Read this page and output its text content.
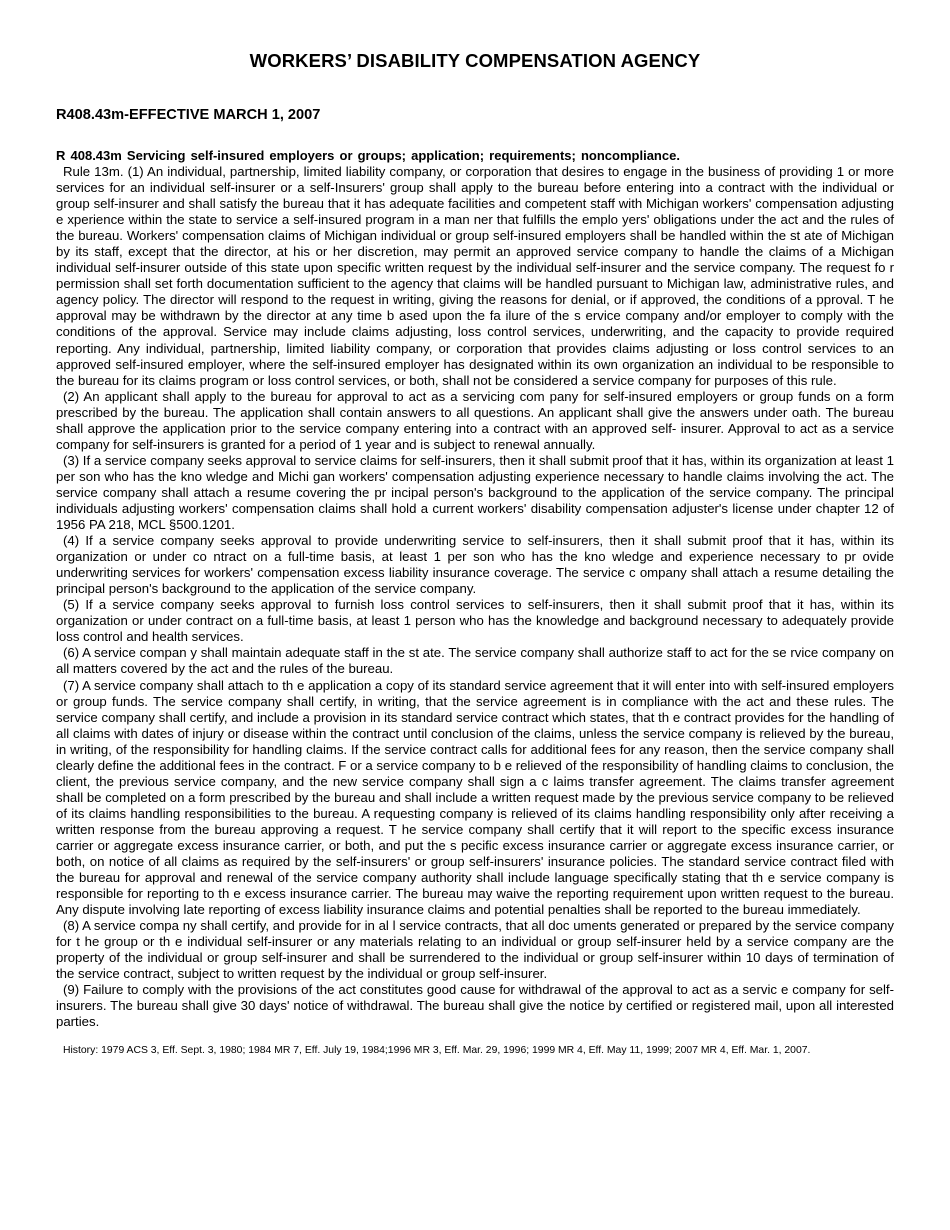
WORKERS’ DISABILITY COMPENSATION AGENCY
R408.43m-EFFECTIVE MARCH 1, 2007
R 408.43m Servicing self-insured employers or groups; application; requirements; noncompliance.

Rule 13m. (1) An individual, partnership, limited liability company, or corporation that desires to engage in the business of providing 1 or more services for an individual self-insurer or a self-Insurers' group shall apply to the bureau before entering into a contract with the individual or group self-insurer and shall satisfy the bureau that it has adequate facilities and competent staff with Michigan workers' compensation adjusting e xperience within the state to service a self-insured program in a man ner that fulfills the emplo yers' obligations under the act and the rules of the bureau. Workers' compensation claims of Michigan individual or group self-insured employers shall be handled within the st ate of Michigan by its staff, except that the director, at his or her discretion, may permit an approved service company to handle the claims of a Michigan individual self-insurer outside of this state upon specific written request by the individual self-insurer and the service company. The request fo r permission shall set forth documentation sufficient to the agency that claims will be handled pursuant to Michigan law, administrative rules, and agency policy. The director will respond to the request in writing, giving the reasons for denial, or if approved, the conditions of a pproval. T he approval may be withdrawn by the director at any time b ased upon the fa ilure of the s ervice company and/or employer to comply with the conditions of the approval. Service may include claims adjusting, loss control services, underwriting, and the capacity to provide required reporting. Any individual, partnership, limited liability company, or corporation that provides claims adjusting or loss control services to an approved self-insured employer, where the self-insured employer has designated within its own organization an individual to be responsible to the bureau for its claims program or loss control services, or both, shall not be considered a service company for purposes of this rule.

(2) An applicant shall apply to the bureau for approval to act as a servicing com pany for self-insured employers or group funds on a form prescribed by the bureau. The application shall contain answers to all questions. An applicant shall give the answers under oath. The bureau shall approve the application prior to the service company entering into a contract with an approved self- insurer. Approval to act as a service company for self-insurers is granted for a period of 1 year and is subject to renewal annually.

(3) If a service company seeks approval to service claims for self-insurers, then it shall submit proof that it has, within its organization at least 1 per son who has the kno wledge and Michi gan workers' compensation adjusting experience necessary to handle claims involving the act. The service company shall attach a resume covering the pr incipal person's background to the application of the service company. The principal individuals adjusting workers' compensation claims shall hold a current workers' disability compensation adjuster's license under chapter 12 of 1956 PA 218, MCL §500.1201.

(4) If a service company seeks approval to provide underwriting service to self-insurers, then it shall submit proof that it has, within its organization or under co ntract on a full-time basis, at least 1 per son who has the kno wledge and experience necessary to pr ovide underwriting services for workers' compensation excess liability insurance coverage. The service c ompany shall attach a resume detailing the principal person's background to the application of the service company.

(5) If a service company seeks approval to furnish loss control services to self-insurers, then it shall submit proof that it has, within its organization or under contract on a full-time basis, at least 1 person who has the knowledge and background necessary to adequately provide loss control and health services.

(6) A service compan y shall maintain adequate staff in the st ate. The service company shall authorize staff to act for the se rvice company on all matters covered by the act and the rules of the bureau.

(7) A service company shall attach to th e application a copy of its standard service agreement that it will enter into with self-insured employers or group funds. The service company shall certify, in writing, that the service agreement is in compliance with the act and these rules. The service company shall certify, and include a provision in its standard service contract which states, that th e contract provides for the handling of all claims with dates of injury or disease within the contract until conclusion of the claims, unless the service company is relieved by the bureau, in writing, of the responsibility for handling claims. If the service contract calls for additional fees for any reason, then the service company shall clearly define the additional fees in the contract. F or a service company to b e relieved of the responsibility of handling claims to conclusion, the client, the previous service company, and the new service company shall sign a c laims transfer agreement. The claims transfer agreement shall be completed on a form prescribed by the bureau and shall include a written request made by the previous service company to be relieved of its claims handling responsibilities to the bureau. A requesting company is relieved of its claims handling responsibility only after receiving a written response from the bureau approving a request. T he service company shall certify that it will report to the specific excess insurance carrier or aggregate excess insurance carrier, or both, and put the s pecific excess insurance carrier or aggregate excess insurance carrier, or both, on notice of all claims as required by the self-insurers' or group self-insurers' insurance policies. The standard service contract filed with the bureau for approval and renewal of the service company authority shall include language specifically stating that th e service company is responsible for reporting to th e excess insurance carrier. The bureau may waive the reporting requirement upon written request to the bureau. Any dispute involving late reporting of excess liability insurance claims and potential penalties shall be reported to the bureau immediately.

(8) A service compa ny shall certify, and provide for in al l service contracts, that all doc uments generated or prepared by the service company for t he group or th e individual self-insurer or any materials relating to an individual or group self-insurer held by a service company are the property of the individual or group self-insurer and shall be surrendered to the individual or group self-insurer within 10 days of termination of the service contract, subject to written request by the individual or group self-insurer.

(9) Failure to comply with the provisions of the act constitutes good cause for withdrawal of the approval to act as a servic e company for self-insurers. The bureau shall give 30 days' notice of withdrawal. The bureau shall give the notice by certified or registered mail, upon all interested parties.

History: 1979 ACS 3, Eff. Sept. 3, 1980; 1984 MR 7, Eff. July 19, 1984;1996 MR 3, Eff. Mar. 29, 1996; 1999 MR 4, Eff. May 11, 1999; 2007 MR 4, Eff. Mar. 1, 2007.
